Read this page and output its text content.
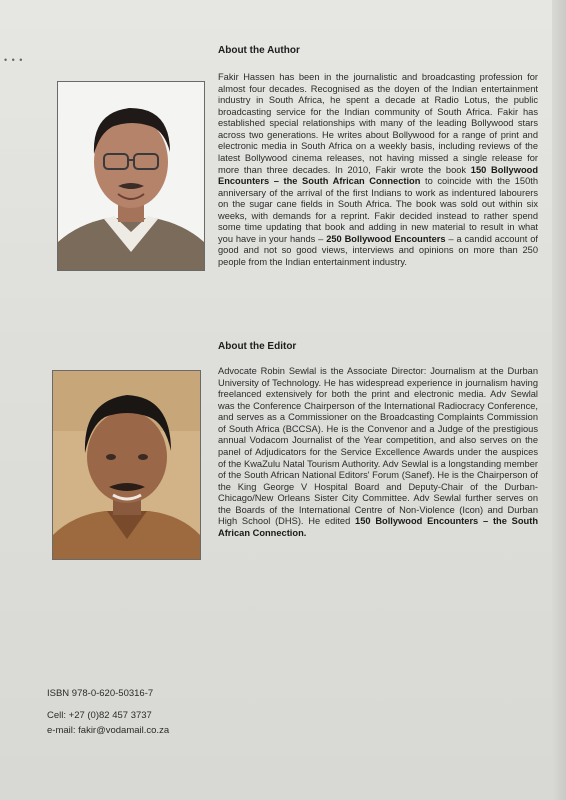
• • •
About the Author

Fakir Hassen has been in the journalistic and broadcasting profession for almost four decades. Recognised as the doyen of the Indian entertainment industry in South Africa, he spent a decade at Radio Lotus, the public broadcasting service for the Indian community of South Africa. Fakir has established special relationships with many of the leading Bollywood stars across two generations. He writes about Bollywood for a range of print and electronic media in South Africa on a weekly basis, including reviews of the latest Bollywood cinema releases, not having missed a single release for more than three decades. In 2010, Fakir wrote the book 150 Bollywood Encounters – the South African Connection to coincide with the 150th anniversary of the arrival of the first Indians to work as indentured labourers on the sugar cane fields in South Africa. The book was sold out within six weeks, with demands for a reprint. Fakir decided instead to rather spend some time updating that book and adding in new material to result in what you have in your hands – 250 Bollywood Encounters – a candid account of good and not so good views, interviews and opinions on more than 250 people from the Indian entertainment industry.

About the Editor

Advocate Robin Sewlal is the Associate Director: Journalism at the Durban University of Technology. He has widespread experience in journalism having freelanced extensively for both the print and electronic media. Adv Sewlal was the Conference Chairperson of the International Radiocracy Conference, and serves as a Commissioner on the Broadcasting Complaints Commission of South Africa (BCCSA). He is the Convenor and a Judge of the prestigious annual Vodacom Journalist of the Year competition, and also serves on the panel of Adjudicators for the Service Excellence Awards under the auspices of the KwaZulu Natal Tourism Authority. Adv Sewlal is a longstanding member of the South African National Editors' Forum (Sanef). He is the Chairperson of the King George V Hospital Board and Deputy-Chair of the Durban-Chicago/New Orleans Sister City Committee. Adv Sewlal further serves on the Boards of the International Centre of Non-Violence (Icon) and Durban High School (DHS). He edited 150 Bollywood Encounters – the South African Connection.

ISBN 978-0-620-50316-7
Cell: +27 (0)82 457 3737
e-mail: fakir@vodamail.co.za
